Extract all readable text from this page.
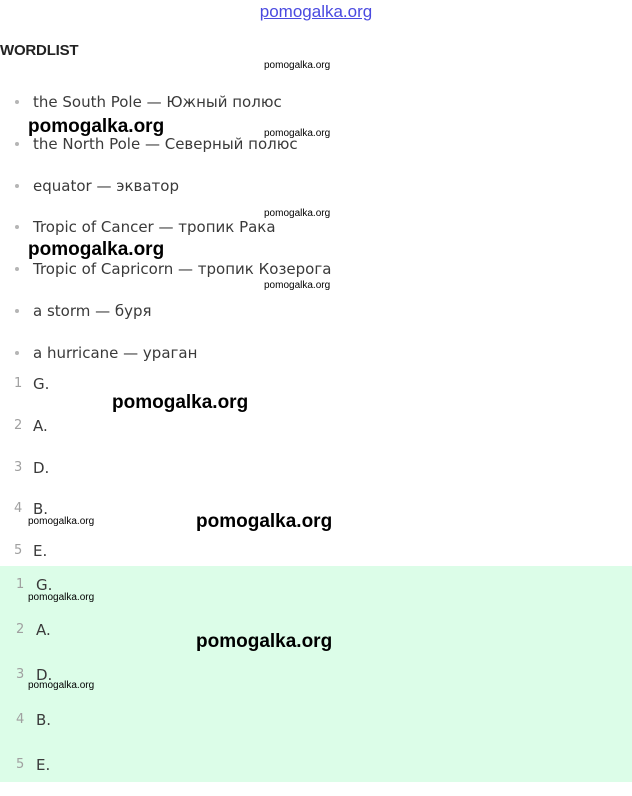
pomogalka.org
WORDLIST
the South Pole — Южный полюс
the North Pole — Северный полюс
equator — экватор
Tropic of Cancer — тропик Рака
Tropic of Capricorn — тропик Козерога
a storm — буря
a hurricane — ураган
1 G.
2 A.
3 D.
4 B.
5 E.
1 G.
2 A.
3 D.
4 B.
5 E.
pomogalka.org
pomogalka.org	pomogalka.org
pomogalka.org
pomogalka.org
pomogalka.org
pomogalka.org
pomogalka.org	pomogalka.org
pomogalka.org
pomogalka.org
pomogalka.org
